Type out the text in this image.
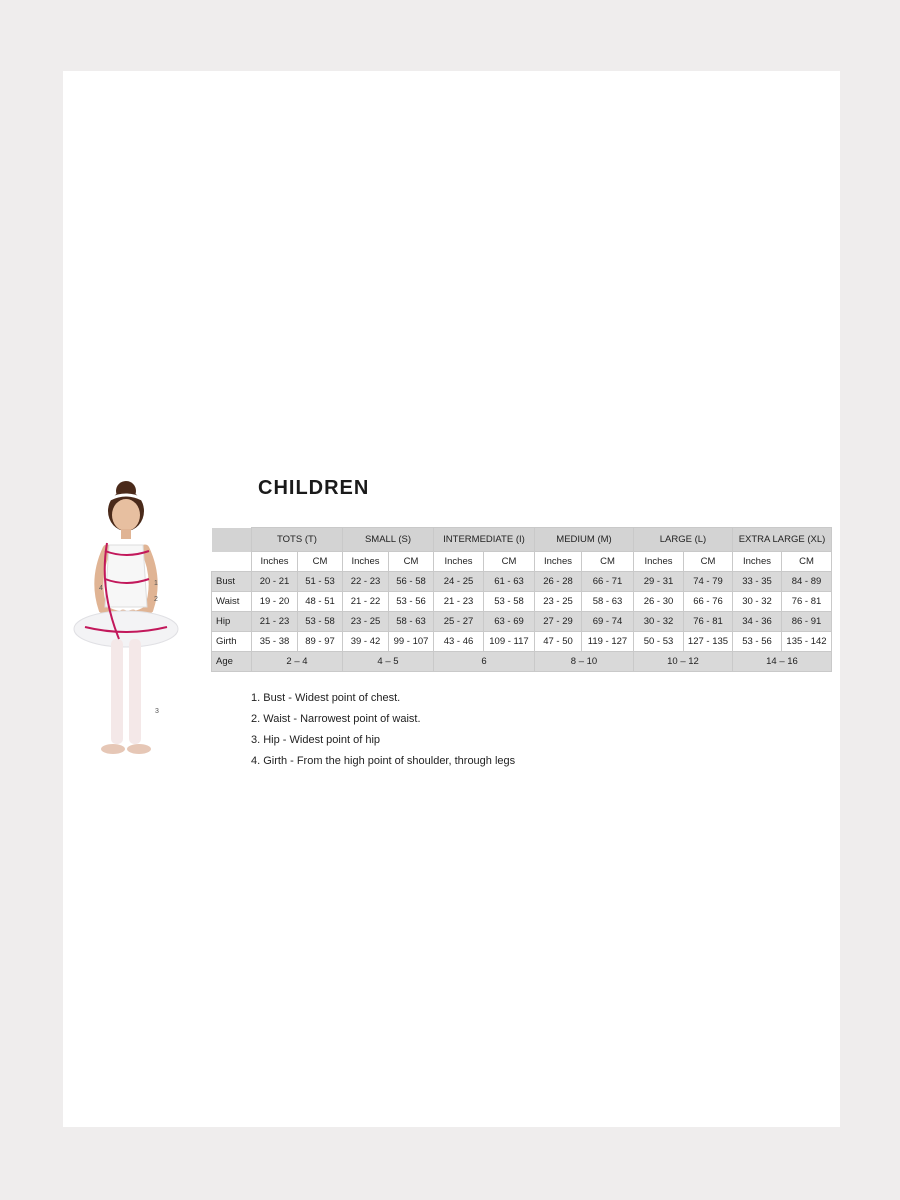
1
2
3
4
CHILDREN
	TOTS (T)		SMALL (S)		INTERMEDIATE (I)		MEDIUM (M)		LARGE (L)		EXTRA LARGE (XL)	
	Inches	CM	Inches	CM	Inches	CM	Inches	CM	Inches	CM	Inches	CM
Bust	20 - 21	51 - 53	22 - 23	56 - 58	24 - 25	61 - 63	26 - 28	66 - 71	29 - 31	74 - 79	33 - 35	84 - 89
Waist	19 - 20	48 - 51	21 - 22	53 - 56	21 - 23	53 - 58	23 - 25	58 - 63	26 - 30	66 - 76	30 - 32	76 - 81
Hip	21 - 23	53 - 58	23 - 25	58 - 63	25 - 27	63 - 69	27 - 29	69 - 74	30 - 32	76 - 81	34 - 36	86 - 91
Girth	35 - 38	89 - 97	39 - 42	99 - 107	43 - 46	109 - 117	47 - 50	119 - 127	50 - 53	127 - 135	53 - 56	135 - 142
Age	2 – 4		4 – 5		6		8 – 10		10 – 12		14 – 16	
1. Bust - Widest point of chest.
2. Waist - Narrowest point of waist.
3. Hip - Widest point of hip
4. Girth - From the high point of shoulder, through legs
